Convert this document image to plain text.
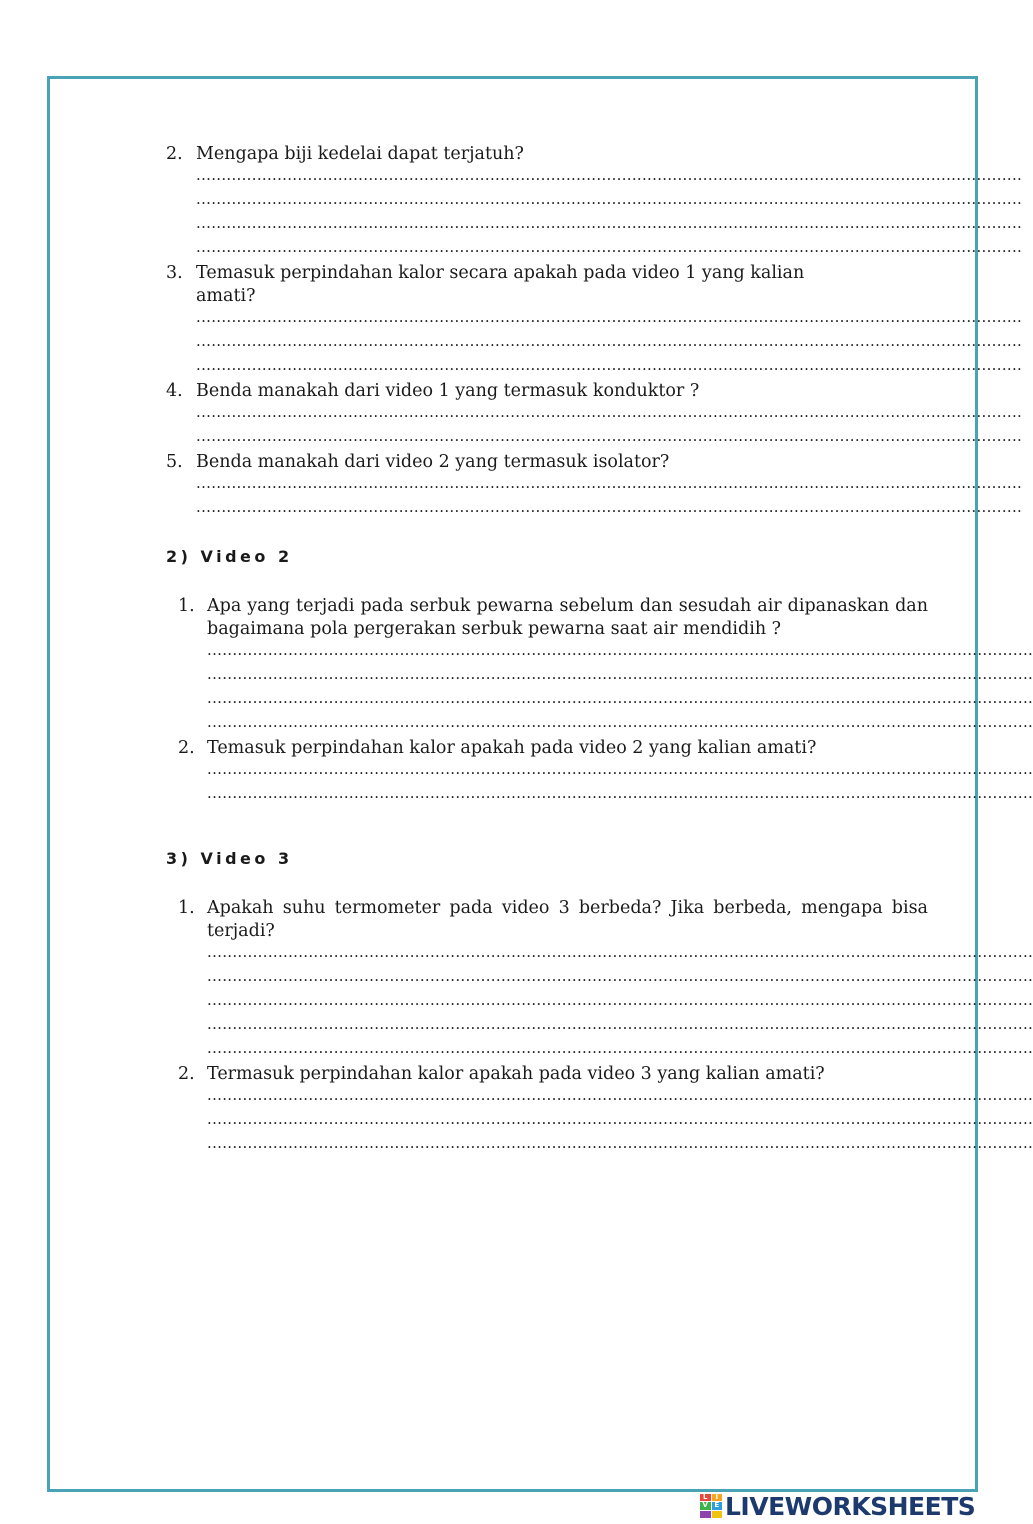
2. Mengapa biji kedelai dapat terjatuh?
...................................................................................................................................................................
...................................................................................................................................................................
...................................................................................................................................................................
...................................................................................................................................................................
3. Temasuk perpindahan kalor secara apakah pada video 1 yang kalian amati?
...................................................................................................................................................................
...................................................................................................................................................................
...................................................................................................................................................................
4. Benda manakah dari video 1 yang termasuk konduktor ?
...................................................................................................................................................................
...................................................................................................................................................................
5. Benda manakah dari video 2 yang termasuk isolator?
...................................................................................................................................................................
...................................................................................................................................................................
2) Video 2
1. Apa yang terjadi pada serbuk pewarna sebelum dan sesudah air dipanaskan dan bagaimana pola pergerakan serbuk pewarna saat air mendidih ?
...................................................................................................................................................................
...................................................................................................................................................................
...................................................................................................................................................................
...................................................................................................................................................................
2. Temasuk perpindahan kalor apakah pada video 2 yang kalian amati?
...................................................................................................................................................................
...................................................................................................................................................................
3) Video 3
1. Apakah suhu termometer pada video 3 berbeda? Jika berbeda, mengapa bisa terjadi?
...................................................................................................................................................................
...................................................................................................................................................................
...................................................................................................................................................................
...................................................................................................................................................................
...................................................................................................................................................................
2. Termasuk perpindahan kalor apakah pada video 3 yang kalian amati?
...................................................................................................................................................................
...................................................................................................................................................................
...................................................................................................................................................................
L	I
V E LIVEWORKSHEETS
